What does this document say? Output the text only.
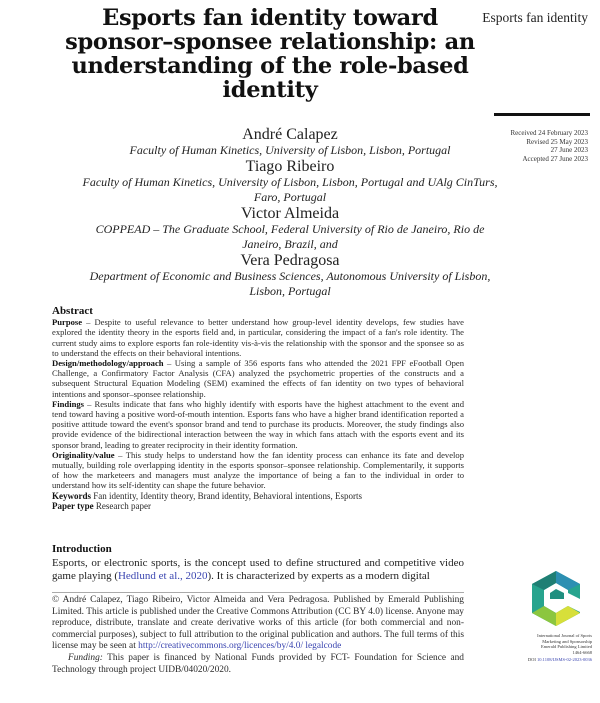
Esports fan identity toward sponsor–sponsee relationship: an understanding of the role-based identity
Esports fan identity
Received 24 February 2023
Revised 25 May 2023
27 June 2023
Accepted 27 June 2023
André Calapez
Faculty of Human Kinetics, University of Lisbon, Lisbon, Portugal
Tiago Ribeiro
Faculty of Human Kinetics, University of Lisbon, Lisbon, Portugal and UAlg CinTurs, Faro, Portugal
Victor Almeida
COPPEAD – The Graduate School, Federal University of Rio de Janeiro, Rio de Janeiro, Brazil, and
Vera Pedragosa
Department of Economic and Business Sciences, Autonomous University of Lisbon, Lisbon, Portugal
Abstract

Purpose – Despite to useful relevance to better understand how group-level identity develops, few studies have explored the identity theory in the esports field and, in particular, considering the impact of a fan's role identity. The current study aims to explore esports fan role-identity vis-à-vis the relationship with the sponsor and the sponsee so as to understand the effects on their behavioral intentions.

Design/methodology/approach – Using a sample of 356 esports fans who attended the 2021 FPF eFootball Open Challenge, a Confirmatory Factor Analysis (CFA) analyzed the psychometric properties of the constructs and a subsequent Structural Equation Modeling (SEM) examined the effects of fan identity on two types of behavioral intentions and sponsor–sponsee relationship.

Findings – Results indicate that fans who highly identify with esports have the highest attachment to the event and tend toward having a positive word-of-mouth intention. Esports fans who have a higher brand identification reported a positive attitude toward the event's sponsor brand and tend to purchase its products. Moreover, the study findings also provide evidence of the bidirectional interaction between the way in which fans attach with the esports event and its sponsor brand, leading to greater reciprocity in their identity formation.

Originality/value – This study helps to understand how the fan identity process can enhance its fate and develop mutually, building role overlapping identity in the esports sponsor–sponsee relationship. Complementarily, it supports of how the marketeers and managers must analyze the importance of being a fan to the individual in order to understand how its self-identity can shape the future behavior.

Keywords Fan identity, Identity theory, Brand identity, Behavioral intentions, Esports

Paper type Research paper

Introduction

Esports, or electronic sports, is the concept used to define structured and competitive video game playing (Hedlund et al., 2020). It is characterized by experts as a modern digital

© André Calapez, Tiago Ribeiro, Victor Almeida and Vera Pedragosa. Published by Emerald Publishing Limited. This article is published under the Creative Commons Attribution (CC BY 4.0) license. Anyone may reproduce, distribute, translate and create derivative works of this article (for both commercial and non-commercial purposes), subject to full attribution to the original publication and authors. The full terms of this license may be seen at http://creativecommons.org/licences/by/4.0/ legalcode

Funding: This paper is financed by National Funds provided by FCT- Foundation for Science and Technology through project UIDB/04020/2020.

International Journal of Sports
Marketing and Sponsorship
Emerald Publishing Limited
1464-6668
DOI 10.1108/IJSMS-02-2023-0036
